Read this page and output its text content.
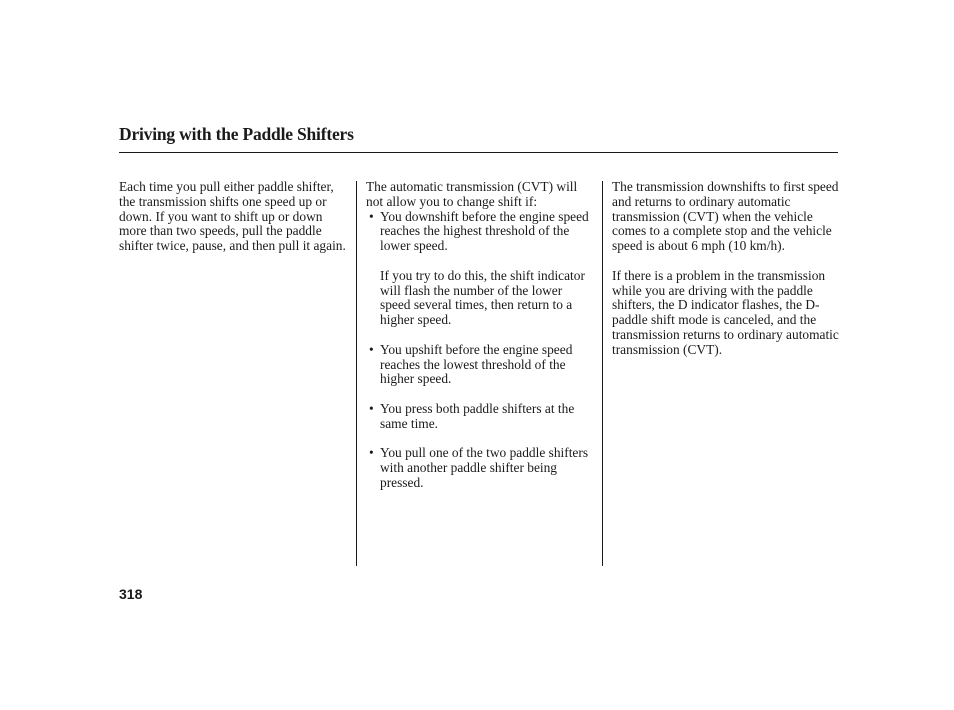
Driving with the Paddle Shifters

Each time you pull either paddle shifter, the transmission shifts one speed up or down. If you want to shift up or down more than two speeds, pull the paddle shifter twice, pause, and then pull it again.

The automatic transmission (CVT) will not allow you to change shift if:

• You downshift before the engine speed reaches the highest threshold of the lower speed.
If you try to do this, the shift indicator will flash the number of the lower speed several times, then return to a higher speed.
• You upshift before the engine speed reaches the lowest threshold of the higher speed.
• You press both paddle shifters at the same time.
• You pull one of the two paddle shifters with another paddle shifter being pressed.

The transmission downshifts to first speed and returns to ordinary automatic transmission (CVT) when the vehicle comes to a complete stop and the vehicle speed is about 6 mph (10 km/h).

If there is a problem in the transmission while you are driving with the paddle shifters, the D indicator flashes, the D-paddle shift mode is canceled, and the transmission returns to ordinary automatic transmission (CVT).

318
